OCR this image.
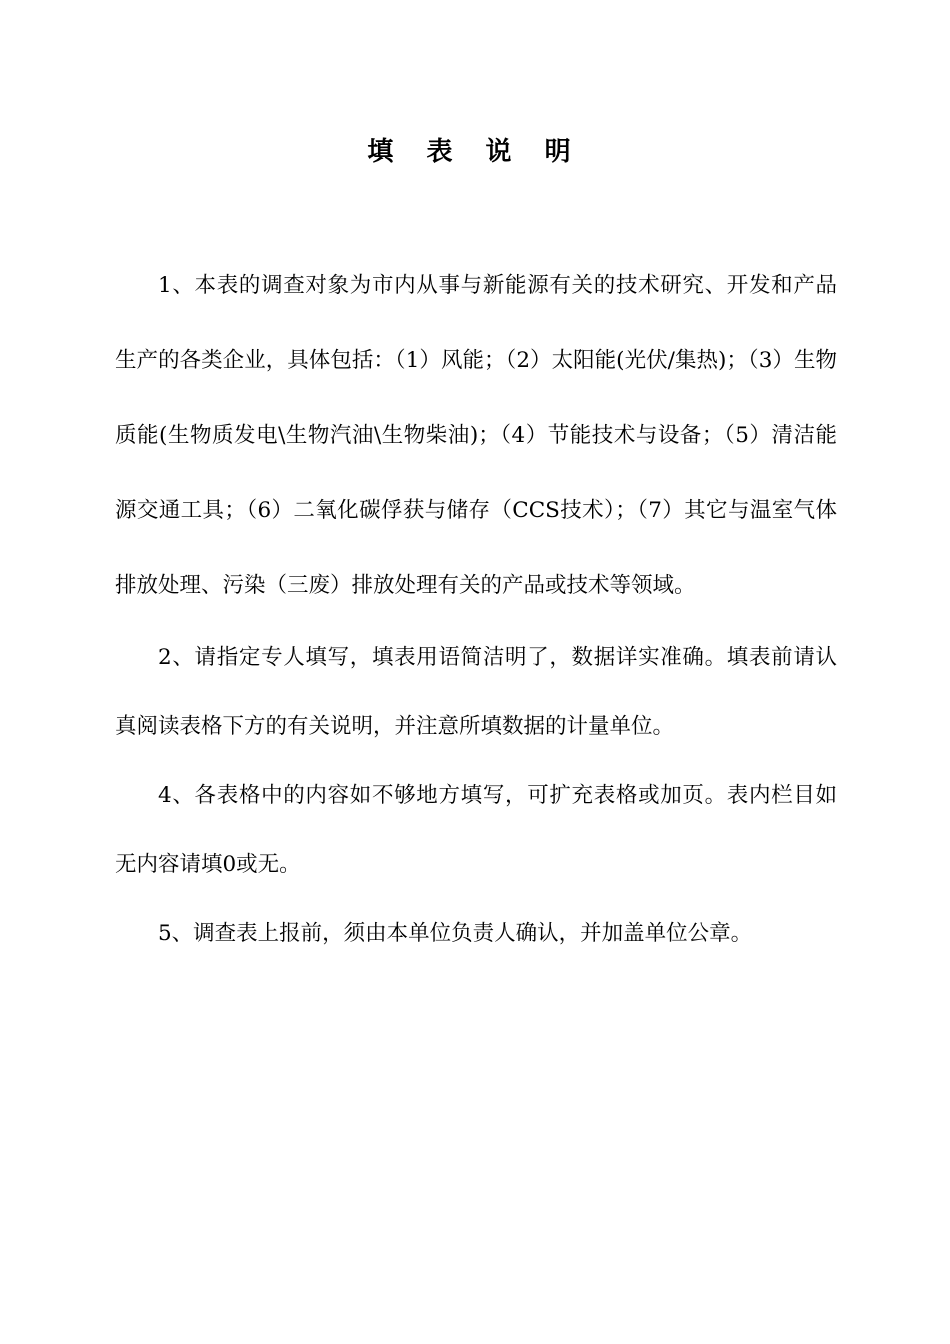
填 表 说 明

1、本表的调查对象为市内从事与新能源有关的技术研究、开发和产品生产的各类企业，具体包括：（1）风能；（2）太阳能(光伏/集热)；（3）生物质能(生物质发电\生物汽油\生物柴油)；（4）节能技术与设备；（5）清洁能源交通工具；（6）二氧化碳俘获与储存（CCS技术）；（7）其它与温室气体排放处理、污染（三废）排放处理有关的产品或技术等领域。

2、请指定专人填写，填表用语简洁明了，数据详实准确。填表前请认真阅读表格下方的有关说明，并注意所填数据的计量单位。

4、各表格中的内容如不够地方填写，可扩充表格或加页。表内栏目如无内容请填0或无。

5、调查表上报前，须由本单位负责人确认，并加盖单位公章。
